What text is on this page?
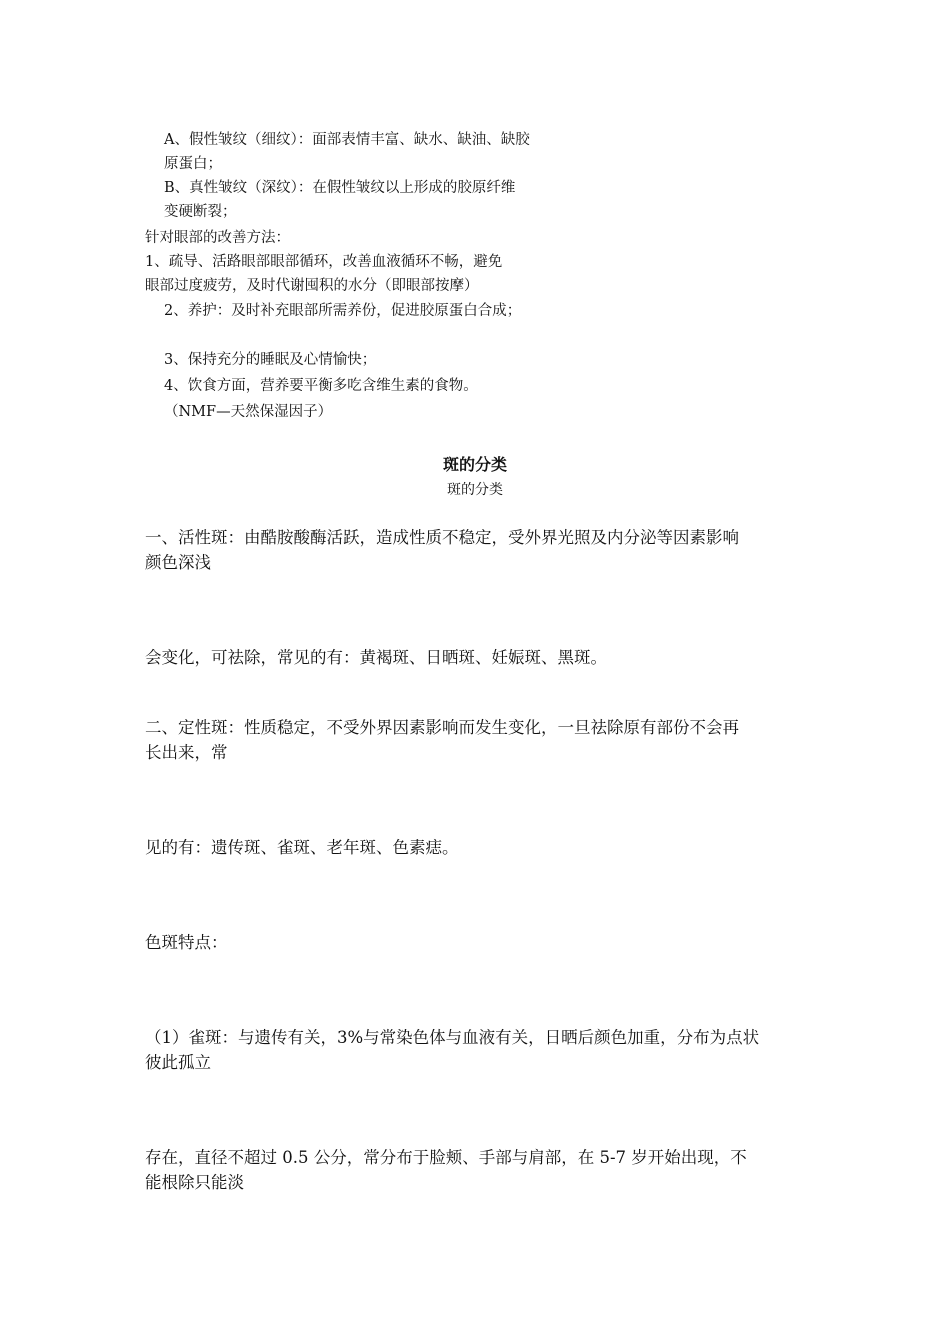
A、假性皱纹（细纹）：面部表情丰富、缺水、缺油、缺胶
原蛋白；
B、真性皱纹（深纹）：在假性皱纹以上形成的胶原纤维
变硬断裂；
针对眼部的改善方法：
1、疏导、活路眼部眼部循环，改善血液循环不畅，避免
眼部过度疲劳，及时代谢囤积的水分（即眼部按摩）
2、养护：及时补充眼部所需养份，促进胶原蛋白合成；
3、保持充分的睡眠及心情愉快；
4、饮食方面，营养要平衡多吃含维生素的食物。
（NMF—天然保湿因子）
斑的分类
斑的分类
一、活性斑：由酷胺酸酶活跃，造成性质不稳定，受外界光照及内分泌等因素影响
颜色深浅
会变化，可祛除，常见的有：黄褐斑、日晒斑、妊娠斑、黑斑。
二、定性斑：性质稳定，不受外界因素影响而发生变化，一旦祛除原有部份不会再
长出来，常
见的有：遗传斑、雀斑、老年斑、色素痣。
色斑特点：
（1）雀斑：与遗传有关，3%与常染色体与血液有关，日晒后颜色加重，分布为点状
彼此孤立
存在，直径不超过 0.5 公分，常分布于脸颊、手部与肩部，在 5-7 岁开始出现，不
能根除只能淡
